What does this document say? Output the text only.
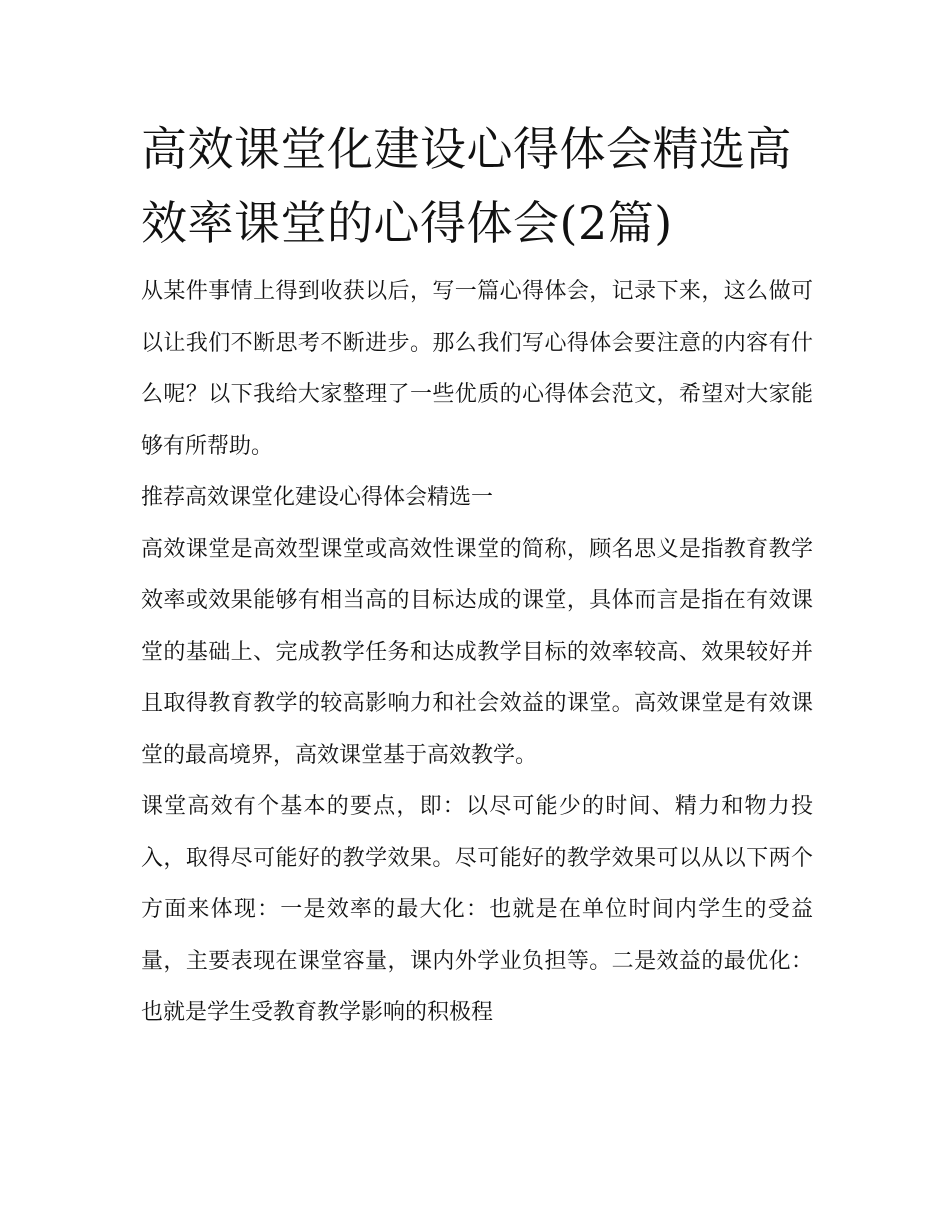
高效课堂化建设心得体会精选高效率课堂的心得体会(2篇)

从某件事情上得到收获以后，写一篇心得体会，记录下来，这么做可以让我们不断思考不断进步。那么我们写心得体会要注意的内容有什么呢？以下我给大家整理了一些优质的心得体会范文，希望对大家能够有所帮助。

推荐高效课堂化建设心得体会精选一

高效课堂是高效型课堂或高效性课堂的简称，顾名思义是指教育教学效率或效果能够有相当高的目标达成的课堂，具体而言是指在有效课堂的基础上、完成教学任务和达成教学目标的效率较高、效果较好并且取得教育教学的较高影响力和社会效益的课堂。高效课堂是有效课堂的最高境界，高效课堂基于高效教学。

课堂高效有个基本的要点，即：以尽可能少的时间、精力和物力投入，取得尽可能好的教学效果。尽可能好的教学效果可以从以下两个方面来体现：一是效率的最大化：也就是在单位时间内学生的受益量，主要表现在课堂容量，课内外学业负担等。二是效益的最优化：也就是学生受教育教学影响的积极程
